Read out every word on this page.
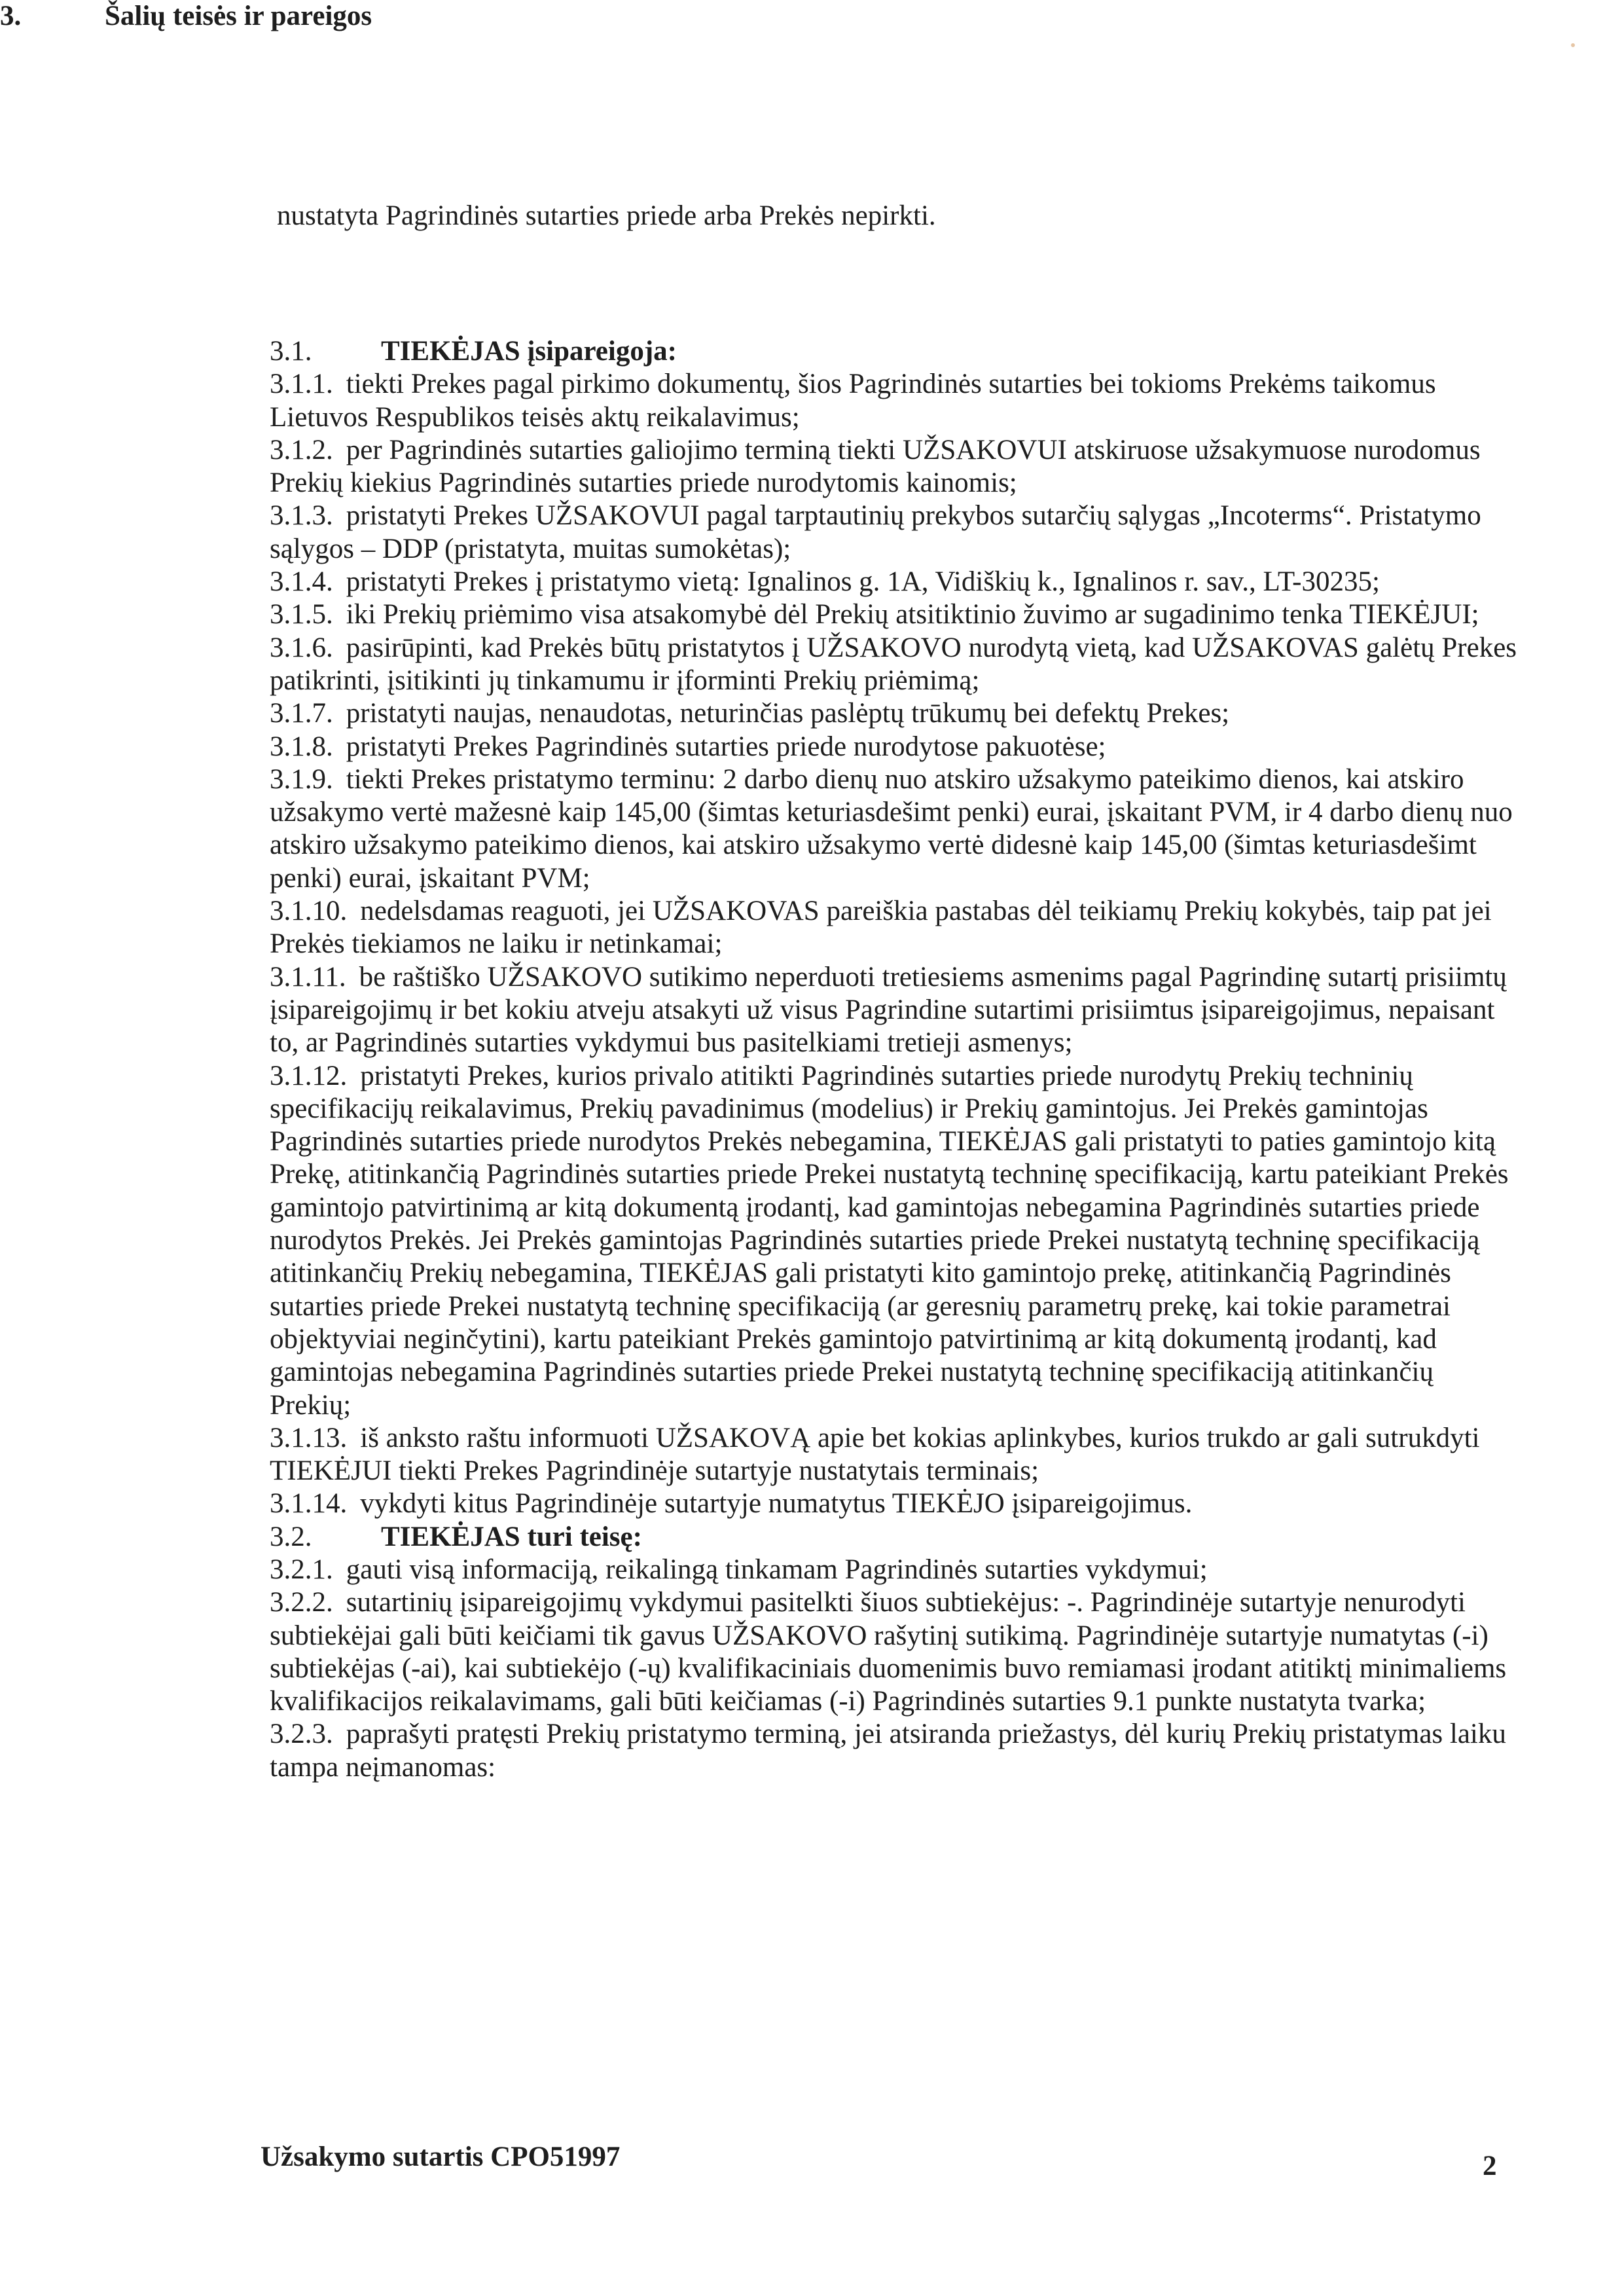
nustatyta Pagrindinės sutarties priede arba Prekės nepirkti.
3.	Šalių teisės ir pareigos

3.1. TIEKĖJAS įsipareigoja:

3.1.1. tiekti Prekes pagal pirkimo dokumentų, šios Pagrindinės sutarties bei tokioms Prekėms taikomus Lietuvos Respublikos teisės aktų reikalavimus;

3.1.2. per Pagrindinės sutarties galiojimo terminą tiekti UŽSAKOVUI atskiruose užsakymuose nurodomus Prekių kiekius Pagrindinės sutarties priede nurodytomis kainomis;

3.1.3. pristatyti Prekes UŽSAKOVUI pagal tarptautinių prekybos sutarčių sąlygas „Incoterms“. Pristatymo sąlygos – DDP (pristatyta, muitas sumokėtas);

3.1.4. pristatyti Prekes į pristatymo vietą: Ignalinos g. 1A, Vidiškių k., Ignalinos r. sav., LT-30235;

3.1.5. iki Prekių priėmimo visa atsakomybė dėl Prekių atsitiktinio žuvimo ar sugadinimo tenka TIEKĖJUI;

3.1.6. pasirūpinti, kad Prekės būtų pristatytos į UŽSAKOVO nurodytą vietą, kad UŽSAKOVAS galėtų Prekes patikrinti, įsitikinti jų tinkamumu ir įforminti Prekių priėmimą;

3.1.7. pristatyti naujas, nenaudotas, neturinčias paslėptų trūkumų bei defektų Prekes;

3.1.8. pristatyti Prekes Pagrindinės sutarties priede nurodytose pakuotėse;

3.1.9. tiekti Prekes pristatymo terminu: 2 darbo dienų nuo atskiro užsakymo pateikimo dienos, kai atskiro užsakymo vertė mažesnė kaip 145,00 (šimtas keturiasdešimt penki) eurai, įskaitant PVM, ir 4 darbo dienų nuo atskiro užsakymo pateikimo dienos, kai atskiro užsakymo vertė didesnė kaip 145,00 (šimtas keturiasdešimt penki) eurai, įskaitant PVM;

3.1.10. nedelsdamas reaguoti, jei UŽSAKOVAS pareiškia pastabas dėl teikiamų Prekių kokybės, taip pat jei Prekės tiekiamos ne laiku ir netinkamai;

3.1.11. be raštiško UŽSAKOVO sutikimo neperduoti tretiesiems asmenims pagal Pagrindinę sutartį prisiimtų įsipareigojimų ir bet kokiu atveju atsakyti už visus Pagrindine sutartimi prisiimtus įsipareigojimus, nepaisant to, ar Pagrindinės sutarties vykdymui bus pasitelkiami tretieji asmenys;

3.1.12. pristatyti Prekes, kurios privalo atitikti Pagrindinės sutarties priede nurodytų Prekių techninių specifikacijų reikalavimus, Prekių pavadinimus (modelius) ir Prekių gamintojus. Jei Prekės gamintojas Pagrindinės sutarties priede nurodytos Prekės nebegamina, TIEKĖJAS gali pristatyti to paties gamintojo kitą Prekę, atitinkančią Pagrindinės sutarties priede Prekei nustatytą techninę specifikaciją, kartu pateikiant Prekės gamintojo patvirtinimą ar kitą dokumentą įrodantį, kad gamintojas nebegamina Pagrindinės sutarties priede nurodytos Prekės. Jei Prekės gamintojas Pagrindinės sutarties priede Prekei nustatytą techninę specifikaciją atitinkančių Prekių nebegamina, TIEKĖJAS gali pristatyti kito gamintojo prekę, atitinkančią Pagrindinės sutarties priede Prekei nustatytą techninę specifikaciją (ar geresnių parametrų prekę, kai tokie parametrai objektyviai neginčytini), kartu pateikiant Prekės gamintojo patvirtinimą ar kitą dokumentą įrodantį, kad gamintojas nebegamina Pagrindinės sutarties priede Prekei nustatytą techninę specifikaciją atitinkančių Prekių;

3.1.13. iš anksto raštu informuoti UŽSAKOVĄ apie bet kokias aplinkybes, kurios trukdo ar gali sutrukdyti TIEKĖJUI tiekti Prekes Pagrindinėje sutartyje nustatytais terminais;

3.1.14. vykdyti kitus Pagrindinėje sutartyje numatytus TIEKĖJO įsipareigojimus.

3.2. TIEKĖJAS turi teisę:

3.2.1. gauti visą informaciją, reikalingą tinkamam Pagrindinės sutarties vykdymui;

3.2.2. sutartinių įsipareigojimų vykdymui pasitelkti šiuos subtiekėjus: -. Pagrindinėje sutartyje nenurodyti subtiekėjai gali būti keičiami tik gavus UŽSAKOVO rašytinį sutikimą. Pagrindinėje sutartyje numatytas (-i) subtiekėjas (-ai), kai subtiekėjo (-ų) kvalifikaciniais duomenimis buvo remiamasi įrodant atitiktį minimaliems kvalifikacijos reikalavimams, gali būti keičiamas (-i) Pagrindinės sutarties 9.1 punkte nustatyta tvarka;

3.2.3. paprašyti pratęsti Prekių pristatymo terminą, jei atsiranda priežastys, dėl kurių Prekių pristatymas laiku tampa neįmanomas:

Užsakymo sutartis CPO51997	2
